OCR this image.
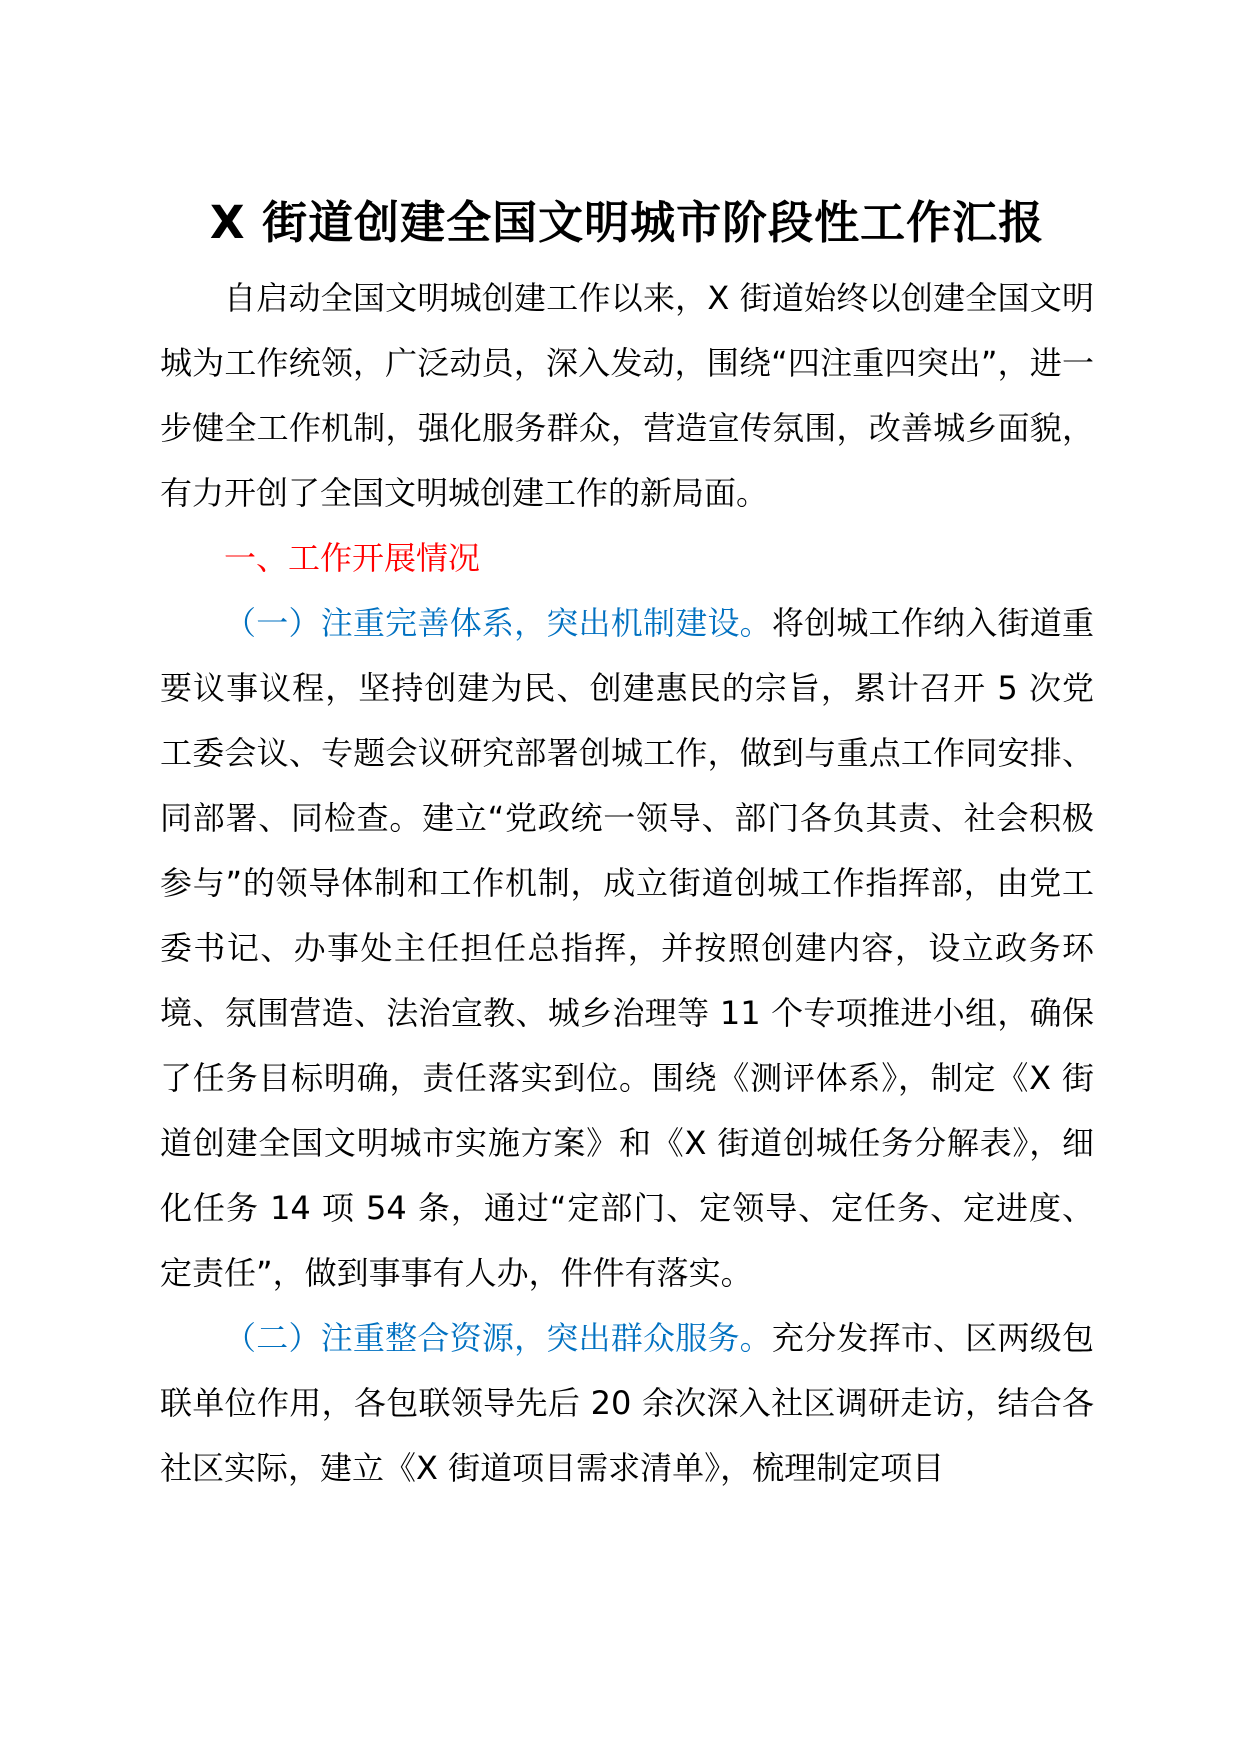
X 街道创建全国文明城市阶段性工作汇报

自启动全国文明城创建工作以来，X 街道始终以创建全国文明城为工作统领，广泛动员，深入发动，围绕“四注重四突出”，进一步健全工作机制，强化服务群众，营造宣传氛围，改善城乡面貌，有力开创了全国文明城创建工作的新局面。

一、工作开展情况

（一）注重完善体系，突出机制建设。将创城工作纳入街道重要议事议程，坚持创建为民、创建惠民的宗旨，累计召开 5 次党工委会议、专题会议研究部署创城工作，做到与重点工作同安排、同部署、同检查。建立“党政统一领导、部门各负其责、社会积极参与”的领导体制和工作机制，成立街道创城工作指挥部，由党工委书记、办事处主任担任总指挥，并按照创建内容，设立政务环境、氛围营造、法治宣教、城乡治理等 11 个专项推进小组，确保了任务目标明确，责任落实到位。围绕《测评体系》，制定《X 街道创建全国文明城市实施方案》和《X 街道创城任务分解表》，细化任务 14 项 54 条，通过“定部门、定领导、定任务、定进度、定责任”，做到事事有人办，件件有落实。

（二）注重整合资源，突出群众服务。充分发挥市、区两级包联单位作用，各包联领导先后 20 余次深入社区调研走访，结合各社区实际，建立《X 街道项目需求清单》，梳理制定项目
